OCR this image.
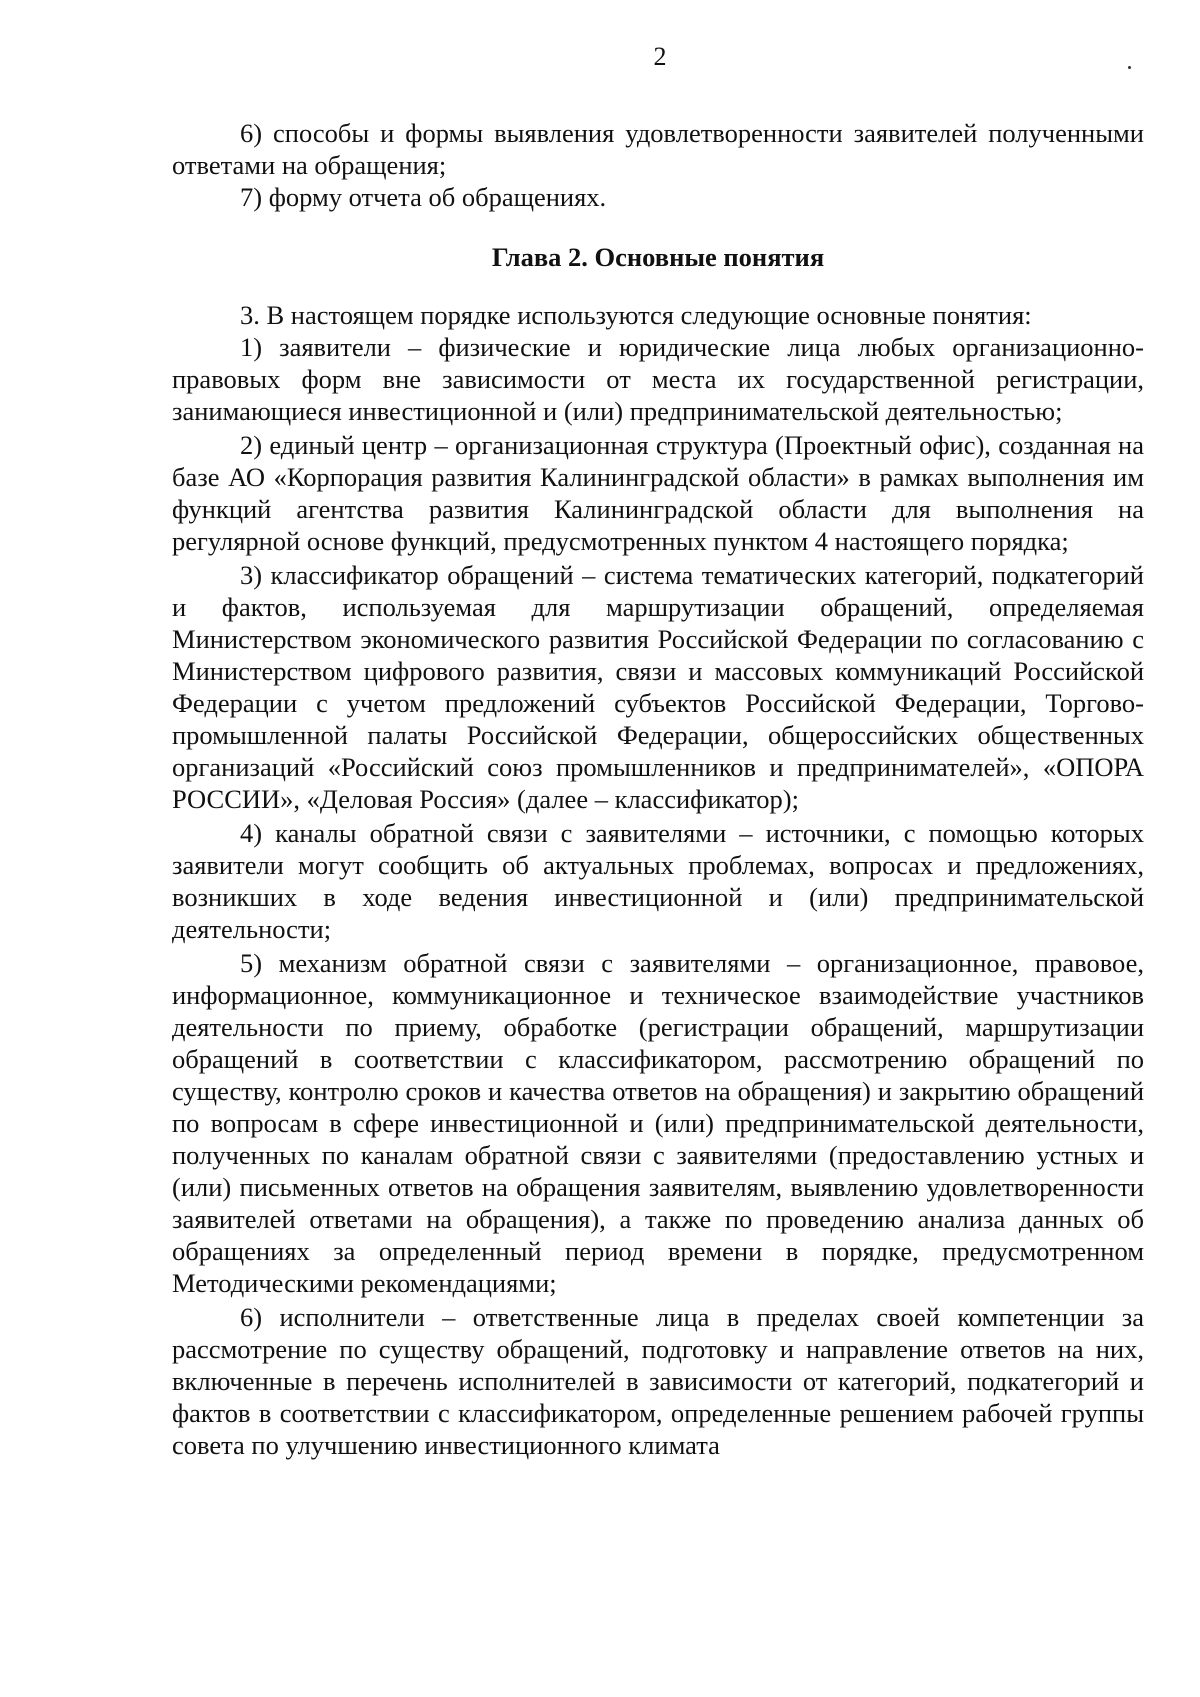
2

6) способы и формы выявления удовлетворенности заявителей полученными ответами на обращения;

7) форму отчета об обращениях.

Глава 2. Основные понятия

3. В настоящем порядке используются следующие основные понятия:

1) заявители – физические и юридические лица любых организационно-правовых форм вне зависимости от места их государственной регистрации, занимающиеся инвестиционной и (или) предпринимательской деятельностью;

2) единый центр – организационная структура (Проектный офис), созданная на базе АО «Корпорация развития Калининградской области» в рамках выполнения им функций агентства развития Калининградской области для выполнения на регулярной основе функций, предусмотренных пунктом 4 настоящего порядка;

3) классификатор обращений – система тематических категорий, подкатегорий и фактов, используемая для маршрутизации обращений, определяемая Министерством экономического развития Российской Федерации по согласованию с Министерством цифрового развития, связи и массовых коммуникаций Российской Федерации с учетом предложений субъектов Российской Федерации, Торгово-промышленной палаты Российской Федерации, общероссийских общественных организаций «Российский союз промышленников и предпринимателей», «ОПОРА РОССИИ», «Деловая Россия» (далее – классификатор);

4) каналы обратной связи с заявителями – источники, с помощью которых заявители могут сообщить об актуальных проблемах, вопросах и предложениях, возникших в ходе ведения инвестиционной и (или) предпринимательской деятельности;

5) механизм обратной связи с заявителями – организационное, правовое, информационное, коммуникационное и техническое взаимодействие участников деятельности по приему, обработке (регистрации обращений, маршрутизации обращений в соответствии с классификатором, рассмотрению обращений по существу, контролю сроков и качества ответов на обращения) и закрытию обращений по вопросам в сфере инвестиционной и (или) предпринимательской деятельности, полученных по каналам обратной связи с заявителями (предоставлению устных и (или) письменных ответов на обращения заявителям, выявлению удовлетворенности заявителей ответами на обращения), а также по проведению анализа данных об обращениях за определенный период времени в порядке, предусмотренном Методическими рекомендациями;

6) исполнители – ответственные лица в пределах своей компетенции за рассмотрение по существу обращений, подготовку и направление ответов на них, включенные в перечень исполнителей в зависимости от категорий, подкатегорий и фактов в соответствии с классификатором, определенные решением рабочей группы совета по улучшению инвестиционного климата
